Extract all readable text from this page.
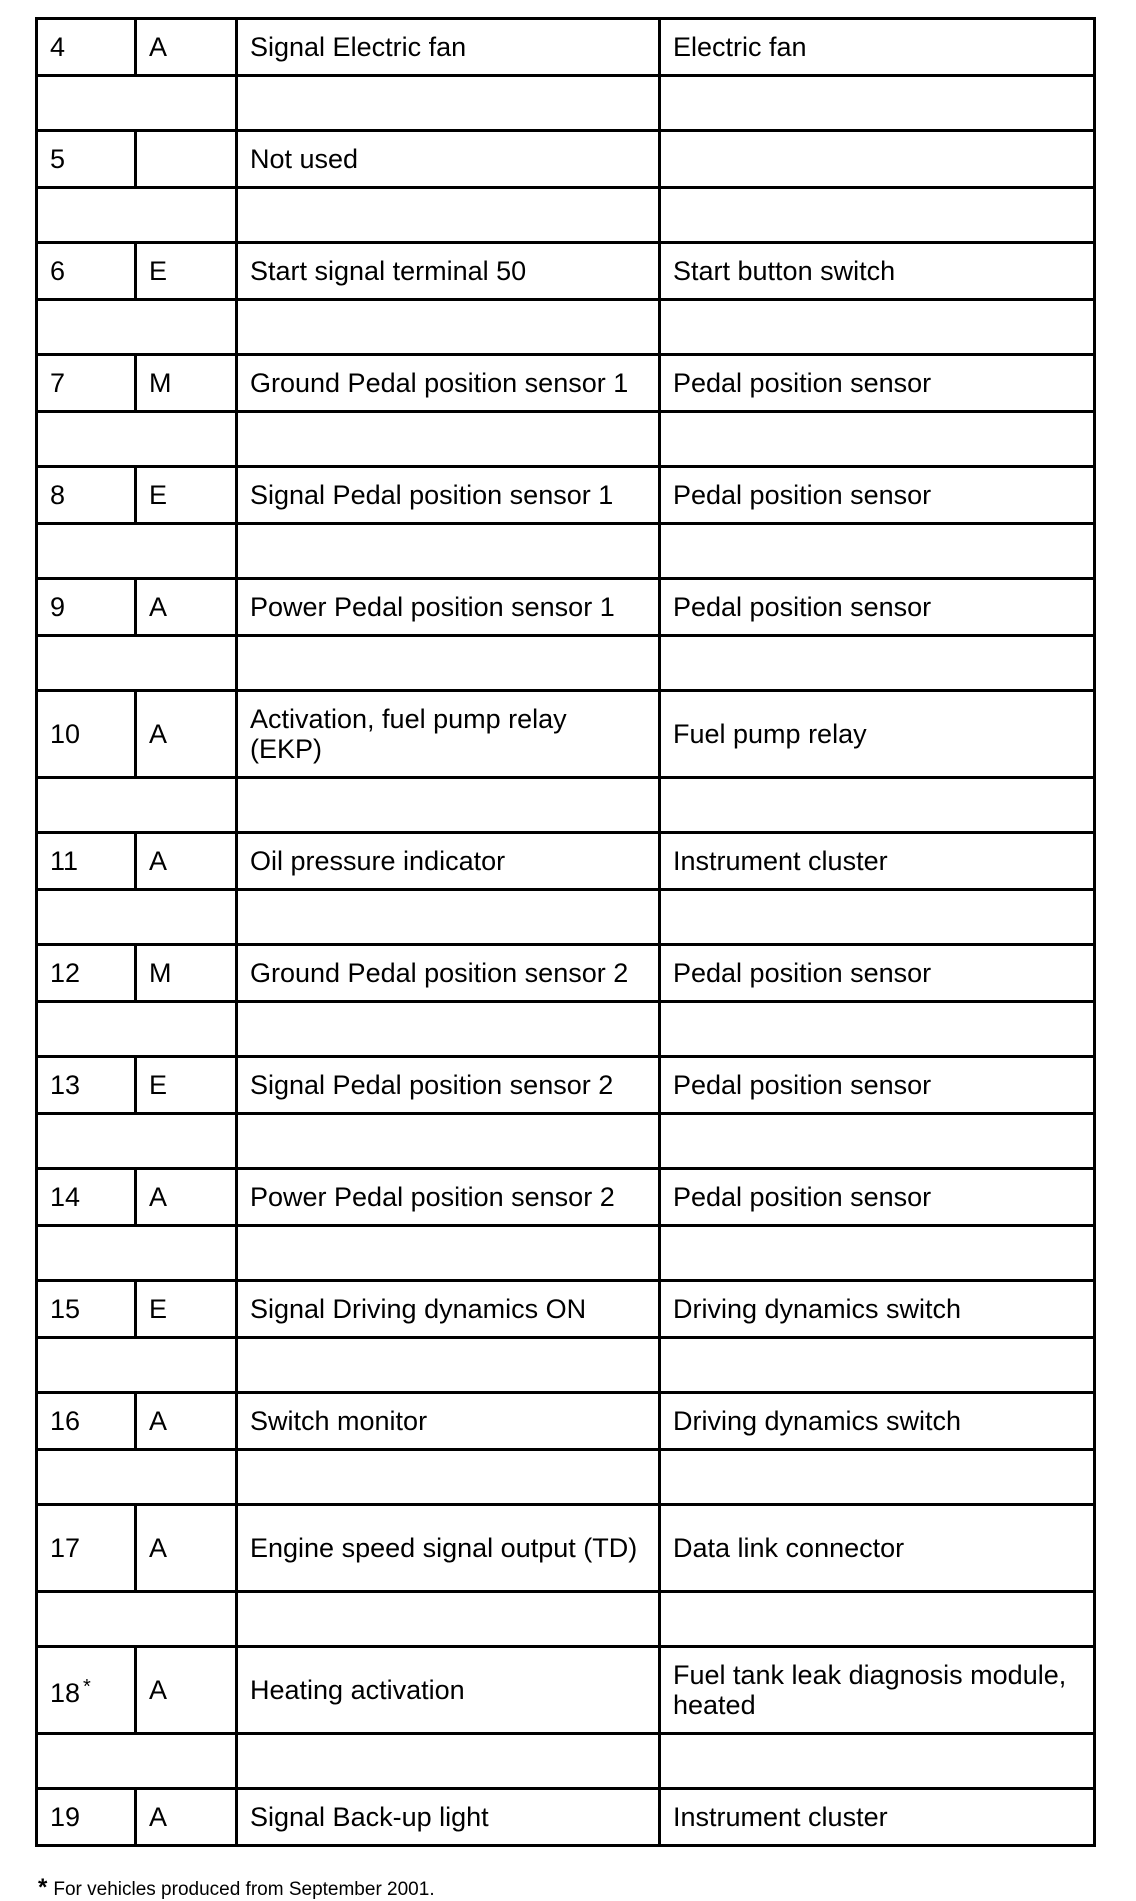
4	A	Signal Electric fan	Electric fan

5		Not used	

6	E	Start signal terminal 50	Start button switch

7	M	Ground Pedal position sensor 1	Pedal position sensor

8	E	Signal Pedal position sensor 1	Pedal position sensor

9	A	Power Pedal position sensor 1	Pedal position sensor

10	A	Activation, fuel pump relay (EKP)	Fuel pump relay

11	A	Oil pressure indicator	Instrument cluster

12	M	Ground Pedal position sensor 2	Pedal position sensor

13	E	Signal Pedal position sensor 2	Pedal position sensor

14	A	Power Pedal position sensor 2	Pedal position sensor

15	E	Signal Driving dynamics ON	Driving dynamics switch

16	A	Switch monitor	Driving dynamics switch

17	A	Engine speed signal output (TD)	Data link connector

18 *	A	Heating activation	Fuel tank leak diagnosis module, heated

19	A	Signal Back-up light	Instrument cluster
* For vehicles produced from September 2001.
